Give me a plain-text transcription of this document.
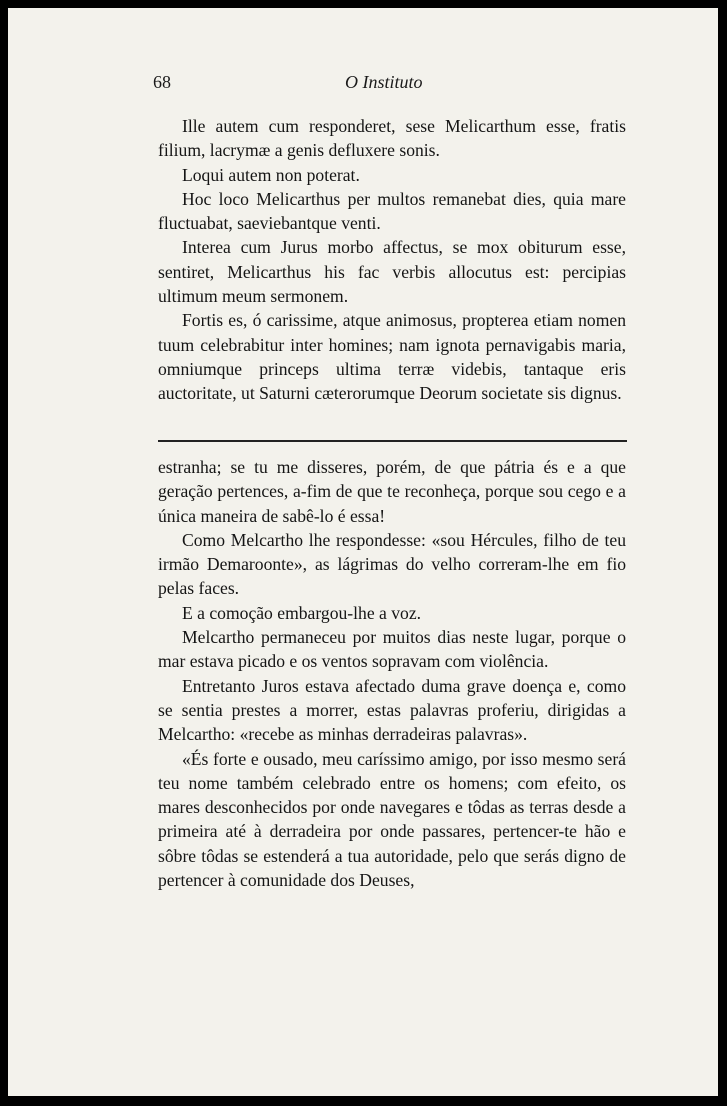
68	O Instituto

Ille autem cum responderet, sese Melicarthum esse, fratis filium, lacrymæ a genis defluxere sonis.

Loqui autem non poterat.

Hoc loco Melicarthus per multos remanebat dies, quia mare fluctuabat, saeviebantque venti.

Interea cum Jurus morbo affectus, se mox obiturum esse, sentiret, Melicarthus his fac verbis allocutus est: percipias ultimum meum sermonem.

Fortis es, ó carissime, atque animosus, propterea etiam nomen tuum celebrabitur inter homines; nam ignota pernavigabis maria, omniumque princeps ultima terræ videbis, tantaque eris auctoritate, ut Saturni cæterorumque Deorum societate sis dignus.

estranha; se tu me disseres, porém, de que pátria és e a que geração pertences, a-fim de que te reconheça, porque sou cego e a única maneira de sabê-lo é essa!

Como Melcartho lhe respondesse: «sou Hércules, filho de teu irmão Demaroonte», as lágrimas do velho correram-lhe em fio pelas faces.

E a comoção embargou-lhe a voz.

Melcartho permaneceu por muitos dias neste lugar, porque o mar estava picado e os ventos sopravam com violência.

Entretanto Juros estava afectado duma grave doença e, como se sentia prestes a morrer, estas palavras proferiu, dirigidas a Melcartho: «recebe as minhas derradeiras palavras».

«És forte e ousado, meu caríssimo amigo, por isso mesmo será teu nome também celebrado entre os homens; com efeito, os mares desconhecidos por onde navegares e tôdas as terras desde a primeira até à derradeira por onde passares, pertencer-te hão e sôbre tôdas se estenderá a tua autoridade, pelo que serás digno de pertencer à comunidade dos Deuses,
